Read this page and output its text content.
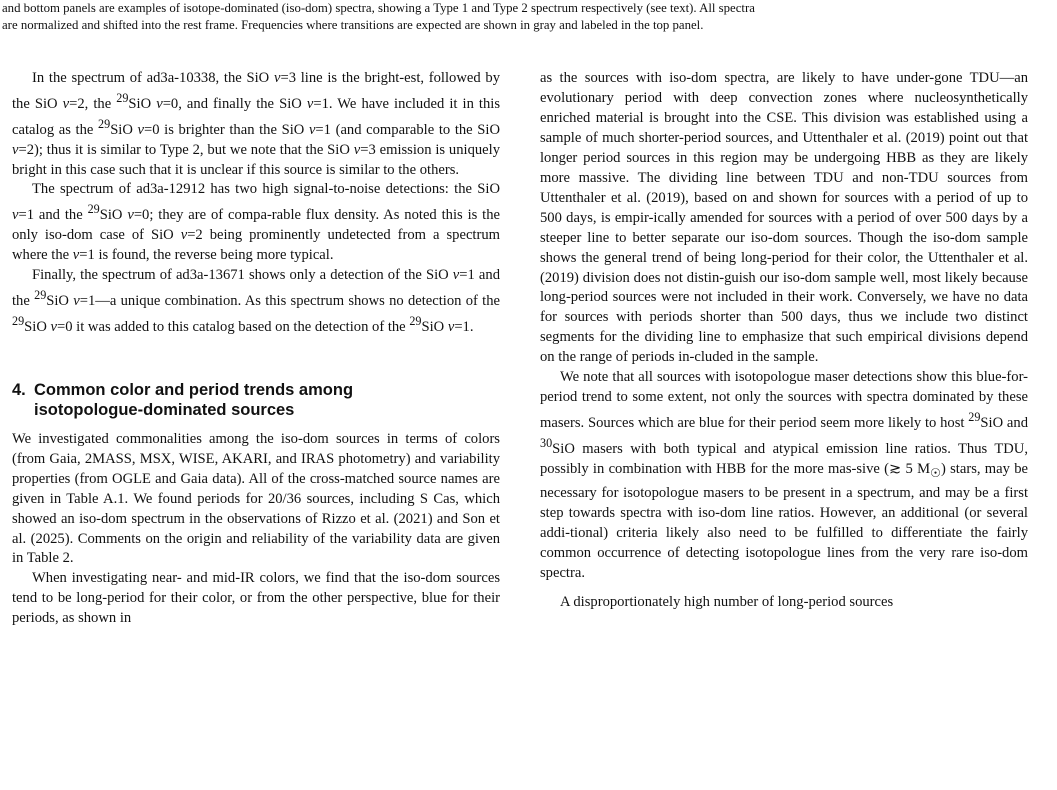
and bottom panels are examples of isotope-dominated (iso-dom) spectra, showing a Type 1 and Type 2 spectrum respectively (see text). All spectra

are normalized and shifted into the rest frame. Frequencies where transitions are expected are shown in gray and labeled in the top panel.

In the spectrum of ad3a-10338, the SiO v=3 line is the bright-est, followed by the SiO v=2, the $^{29}$SiO v=0, and finally the SiO v=1. We have included it in this catalog as the $^{29}$SiO v=0 is brighter than the SiO v=1 (and comparable to the SiO v=2); thus it is similar to Type 2, but we note that the SiO v=3 emission is uniquely bright in this case such that it is unclear if this source is similar to the others.

The spectrum of ad3a-12912 has two high signal-to-noise detections: the SiO v=1 and the $^{29}$SiO v=0; they are of compa-rable flux density. As noted this is the only iso-dom case of SiO v=2 being prominently undetected from a spectrum where the v=1 is found, the reverse being more typical.

Finally, the spectrum of ad3a-13671 shows only a detection of the SiO v=1 and the $^{29}$SiO v=1—a unique combination. As this spectrum shows no detection of the $^{29}$SiO v=0 it was added to this catalog based on the detection of the $^{29}$SiO v=1.

4. Common color and period trends among
isotopologue-dominated sources

We investigated commonalities among the iso-dom sources in terms of colors (from Gaia, 2MASS, MSX, WISE, AKARI, and IRAS photometry) and variability properties (from OGLE and Gaia data). All of the cross-matched source names are given in Table A.1. We found periods for 20/36 sources, including S Cas, which showed an iso-dom spectrum in the observations of Rizzo et al. (2021) and Son et al. (2025). Comments on the origin and reliability of the variability data are given in Table 2.

When investigating near- and mid-IR colors, we find that the iso-dom sources tend to be long-period for their color, or from the other perspective, blue for their periods, as shown in

as the sources with iso-dom spectra, are likely to have under-gone TDU—an evolutionary period with deep convection zones where nucleosynthetically enriched material is brought into the CSE. This division was established using a sample of much shorter-period sources, and Uttenthaler et al. (2019) point out that longer period sources in this region may be undergoing HBB as they are likely more massive. The dividing line between TDU and non-TDU sources from Uttenthaler et al. (2019), based on and shown for sources with a period of up to 500 days, is empir-ically amended for sources with a period of over 500 days by a steeper line to better separate our iso-dom sources. Though the iso-dom sample shows the general trend of being long-period for their color, the Uttenthaler et al. (2019) division does not distin-guish our iso-dom sample well, most likely because long-period sources were not included in their work. Conversely, we have no data for sources with periods shorter than 500 days, thus we include two distinct segments for the dividing line to emphasize that such empirical divisions depend on the range of periods in-cluded in the sample.

We note that all sources with isotopologue maser detections show this blue-for-period trend to some extent, not only the sources with spectra dominated by these masers. Sources which are blue for their period seem more likely to host $^{29}$SiO and $^{30}$SiO masers with both typical and atypical emission line ratios. Thus TDU, possibly in combination with HBB for the more mas-sive (≳ 5 $M_☉$) stars, may be necessary for isotopologue masers to be present in a spectrum, and may be a first step towards spectra with iso-dom line ratios. However, an additional (or several addi-tional) criteria likely also need to be fulfilled to differentiate the fairly common occurrence of detecting isotopologue lines from the very rare iso-dom spectra.

A disproportionately high number of long-period sources
